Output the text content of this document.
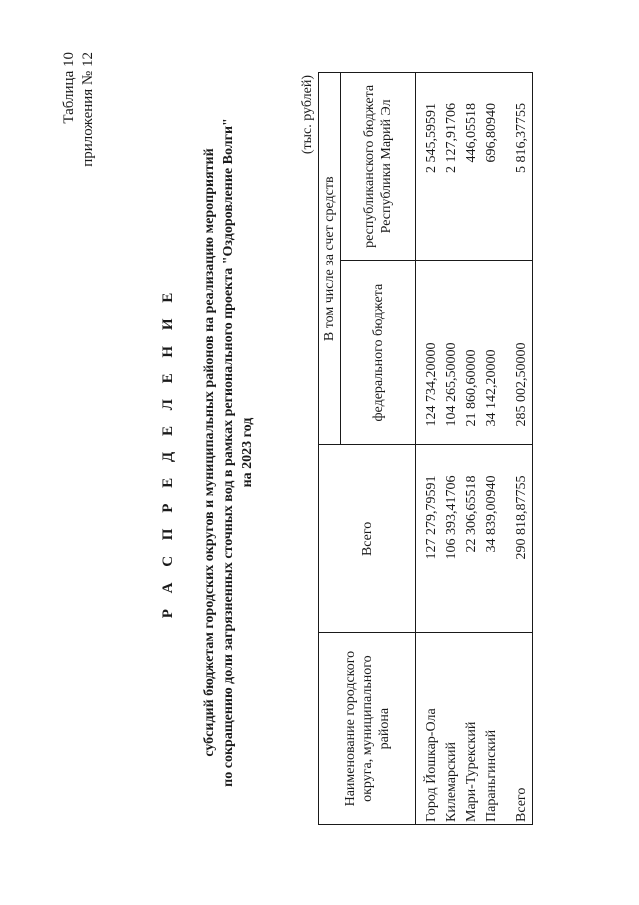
Таблица 10 приложения № 12
Р А С П Р Е Д Е Л Е Н И Е субсидий бюджетам городских округов и муниципальных районов на реализацию мероприятий по сокращению доли загрязненных сточных вод в рамках регионального проекта "Оздоровление Волги" на 2023 год
(тыс. рублей)
Наименование городского округа, муниципального района	Всего	В том числе за счет средств	
		федерального бюджета	республиканского бюджета Республики Марий Эл
Город Йошкар-Ола	127 279,79591	124 734,20000	2 545,59591
Килемарский	106 393,41706	104 265,50000	2 127,91706
Мари-Турекский	22 306,65518	21 860,60000	446,05518
Параньгинский	34 839,00940	34 142,20000	696,80940
Всего	290 818,87755	285 002,50000	5 816,37755
